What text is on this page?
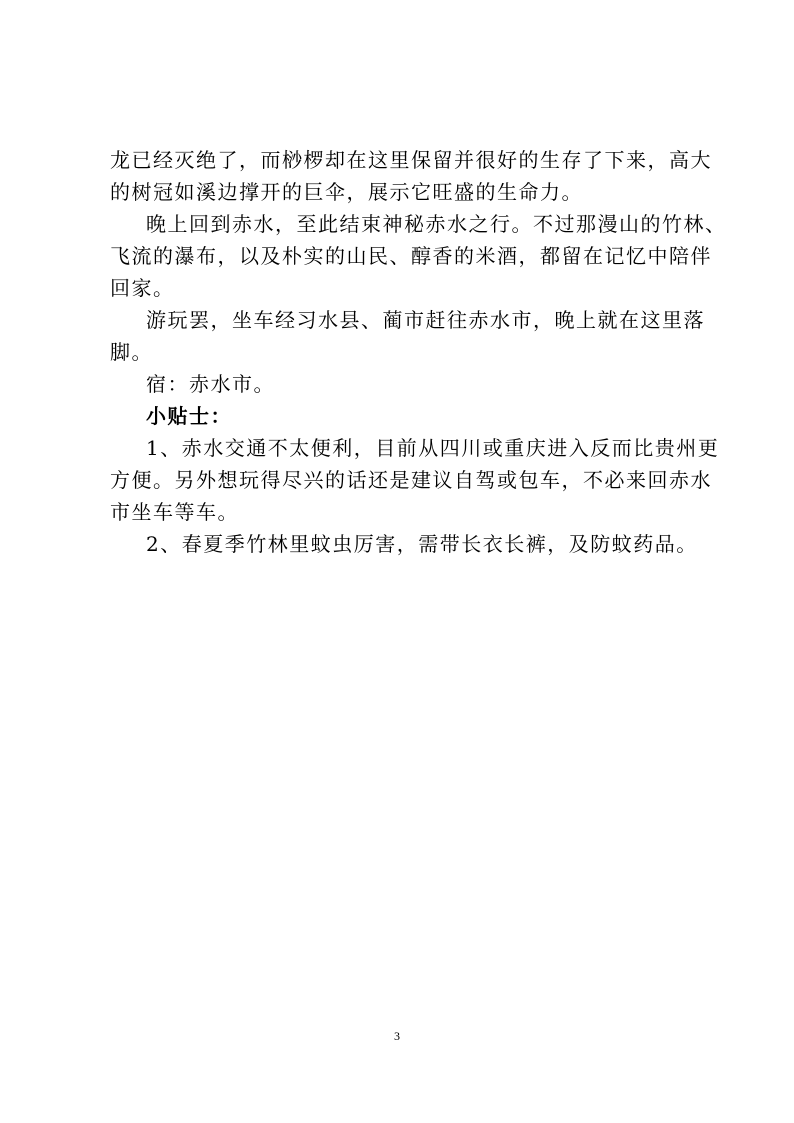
龙已经灭绝了，而桫椤却在这里保留并很好的生存了下来，高大
的树冠如溪边撑开的巨伞，展示它旺盛的生命力。

晚上回到赤水，至此结束神秘赤水之行。不过那漫山的竹林、
飞流的瀑布，以及朴实的山民、醇香的米酒，都留在记忆中陪伴
回家。

游玩罢，坐车经习水县、蔺市赶往赤水市，晚上就在这里落
脚。

宿：赤水市。

小贴士：

1、赤水交通不太便利，目前从四川或重庆进入反而比贵州更
方便。另外想玩得尽兴的话还是建议自驾或包车，不必来回赤水
市坐车等车。

2、春夏季竹林里蚊虫厉害，需带长衣长裤，及防蚊药品。

3
